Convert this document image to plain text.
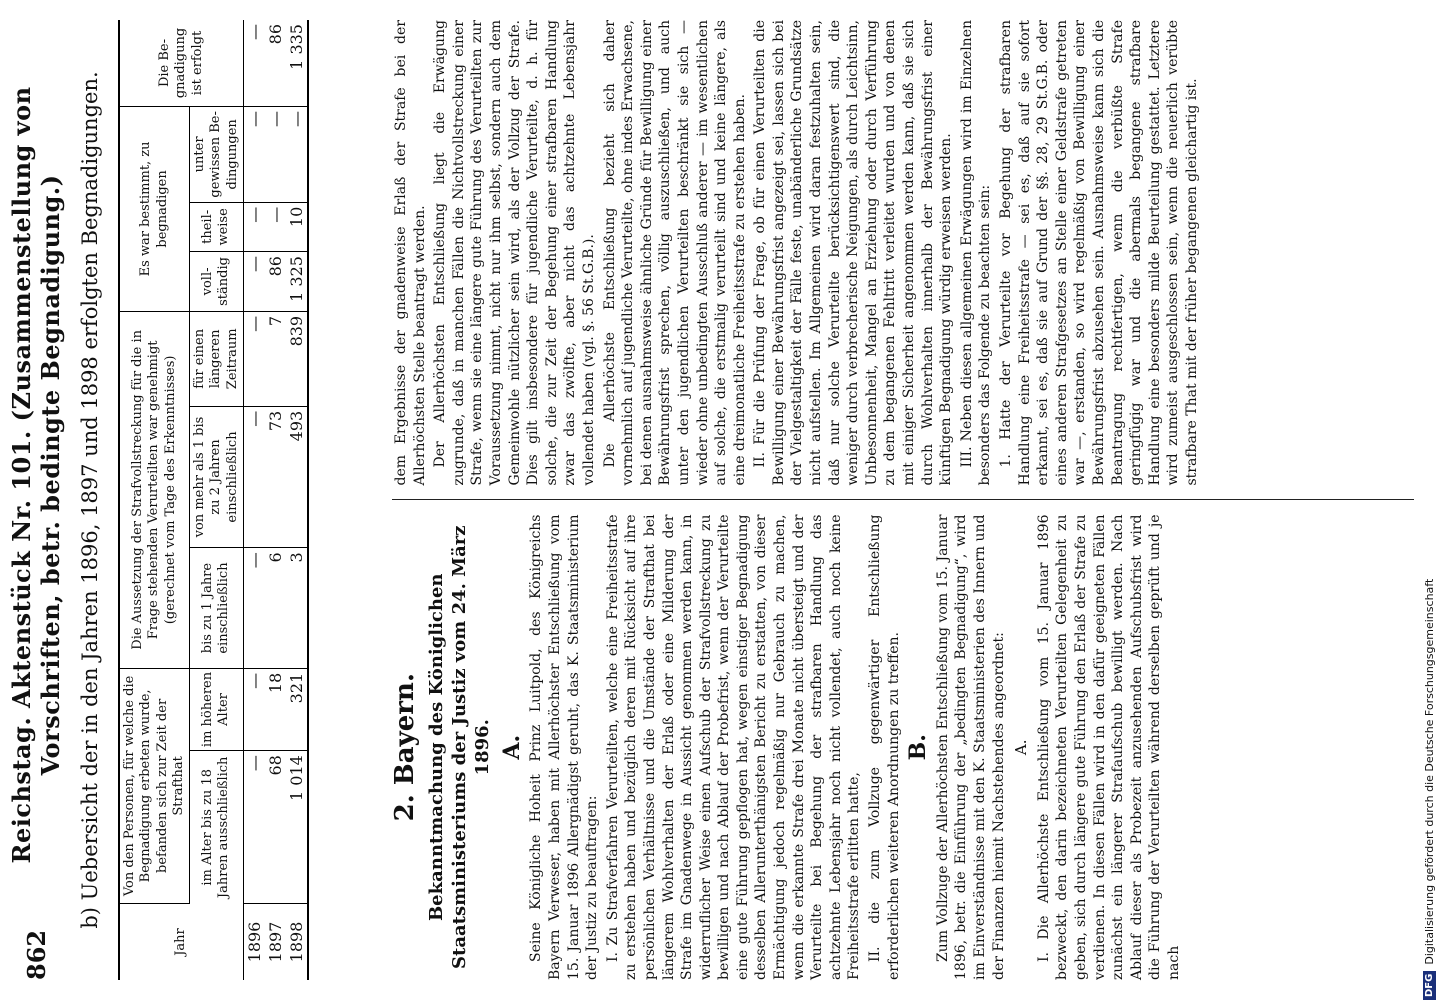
862
Reichstag. Aktenstück Nr. 101. (Zusammenstellung von Vorschriften, betr. bedingte Begnadigung.) b) Uebersicht der in den Jahren 1896, 1897 und 1898 erfolgten Begnadigungen.
Jahr	Von den Personen, für welche die Begnadigung erbeten wurde, befanden sich zur Zeit der Strafthat		Die Aussetzung der Strafvollstreckung für die in Frage stehenden Verurteilten war genehmigt (gerechnet vom Tage des Erkenntnisses)			Es war bestimmt, zu begnadigen			Die Be-gnadigung ist erfolgt
	im Alter bis zu 18 Jahren ausschließlich	im höheren Alter	bis zu 1 Jahre einschließlich	von mehr als 1 bis zu 2 Jahren einschließlich	für einen längeren Zeitraum	voll-ständig	theil-weise	unter gewissen Be-dingungen	
1896	—	—	—	—	—	—	—	—	—
1897	68	18	6	73	7	86	—	—	86
1898	1 014	321	3	493	839	1 325	10	—	1 335
2. Bayern. Bekanntmachung des Königlichen Staatsministeriums der Justiz vom 24. März 1896. A. Seine Königliche Hoheit Prinz Luitpold, des Königreichs Bayern Verweser, haben mit Allerhöchster Entschließung vom 15. Januar 1896 Allergnädigst geruht, das K. Staatsministerium der Justiz zu beauftragen: I. Zu Strafverfahren Verurteilten, welche eine Freiheitsstrafe zu erstehen haben und bezüglich deren mit Rücksicht auf ihre persönlichen Verhältnisse und die Umstände der Strafthat bei längerem Wohlverhalten der Erlaß oder eine Milderung der Strafe im Gnadenwege in Aussicht genommen werden kann, in widerruflicher Weise einen Aufschub der Strafvollstreckung zu bewilligen und nach Ablauf der Probefrist, wenn der Verurteilte eine gute Führung gepflogen hat, wegen einstiger Begnadigung desselben Allerunterthänigsten Bericht zu erstatten, von dieser Ermächtigung jedoch regelmäßig nur Gebrauch zu machen, wenn die erkannte Strafe drei Monate nicht übersteigt und der Verurteilte bei Begehung der strafbaren Handlung das achtzehnte Lebensjahr noch nicht vollendet, auch noch keine Freiheitsstrafe erlitten hatte, II. die zum Vollzuge gegenwärtiger Entschließung erforderlichen weiteren Anordnungen zu treffen. B. Zum Vollzuge der Allerhöchsten Entschließung vom 15. Januar 1896, betr. die Einführung der „bedingten Begnadigung“, wird im Einverständnisse mit den K. Staatsministerien des Innern und der Finanzen hiemit Nachstehendes angeordnet: A. I. Die Allerhöchste Entschließung vom 15. Januar 1896 bezweckt, den darin bezeichneten Verurteilten Gelegenheit zu geben, sich durch längere gute Führung den Erlaß der Strafe zu verdienen. In diesen Fällen wird in den dafür geeigneten Fällen zunächst ein längerer Strafaufschub bewilligt werden. Nach Ablauf dieser als Probezeit anzusehenden Aufschubsfrist wird die Führung der Verurteilten während derselben geprüft und je nach

dem Ergebnisse der gnadenweise Erlaß der Strafe bei der Allerhöchsten Stelle beantragt werden. Der Allerhöchsten Entschließung liegt die Erwägung zugrunde, daß in manchen Fällen die Nichtvollstreckung einer Strafe, wenn sie eine längere gute Führung des Verurteilten zur Voraussetzung nimmt, nicht nur ihm selbst, sondern auch dem Gemeinwohle nützlicher sein wird, als der Vollzug der Strafe. Dies gilt insbesondere für jugendliche Verurteilte, d. h. für solche, die zur Zeit der Begehung einer strafbaren Handlung zwar das zwölfte, aber nicht das achtzehnte Lebensjahr vollendet haben (vgl. §. 56 St.G.B.). Die Allerhöchste Entschließung bezieht sich daher vornehmlich auf jugendliche Verurteilte, ohne indes Erwachsene, bei denen ausnahmsweise ähnliche Gründe für Bewilligung einer Bewährungsfrist sprechen, völlig auszuschließen, und auch unter den jugendlichen Verurteilten beschränkt sie sich — wieder ohne unbedingten Ausschluß anderer — im wesentlichen auf solche, die erstmalig verurteilt sind und keine längere, als eine dreimonatliche Freiheitsstrafe zu erstehen haben. II. Für die Prüfung der Frage, ob für einen Verurteilten die Bewilligung einer Bewährungsfrist angezeigt sei, lassen sich bei der Vielgestaltigkeit der Fälle feste, unabänderliche Grundsätze nicht aufstellen. Im Allgemeinen wird daran festzuhalten sein, daß nur solche Verurteilte berücksichtigenswert sind, die weniger durch verbrecherische Neigungen, als durch Leichtsinn, Unbesonnenheit, Mangel an Erziehung oder durch Verführung zu dem begangenen Fehltritt verleitet wurden und von denen mit einiger Sicherheit angenommen werden kann, daß sie sich durch Wohlverhalten innerhalb der Bewährungsfrist einer künftigen Begnadigung würdig erweisen werden. III. Neben diesen allgemeinen Erwägungen wird im Einzelnen besonders das Folgende zu beachten sein: 1. Hatte der Verurteilte vor Begehung der strafbaren Handlung eine Freiheitsstrafe — sei es, daß auf sie sofort erkannt, sei es, daß sie auf Grund der §§. 28, 29 St.G.B. oder eines anderen Strafgesetzes an Stelle einer Geldstrafe getreten war —, erstanden, so wird regelmäßig von Bewilligung einer Bewährungsfrist abzusehen sein. Ausnahmsweise kann sich die Beantragung rechtfertigen, wenn die verbüßte Strafe geringfügig war und die abermals begangene strafbare Handlung eine besonders milde Beurteilung gestattet. Letztere wird zumeist ausgeschlossen sein, wenn die neuerlich verübte strafbare That mit der früher begangenen gleichartig ist.

DFG
Digitalisierung gefördert durch die Deutsche Forschungsgemeinschaft
